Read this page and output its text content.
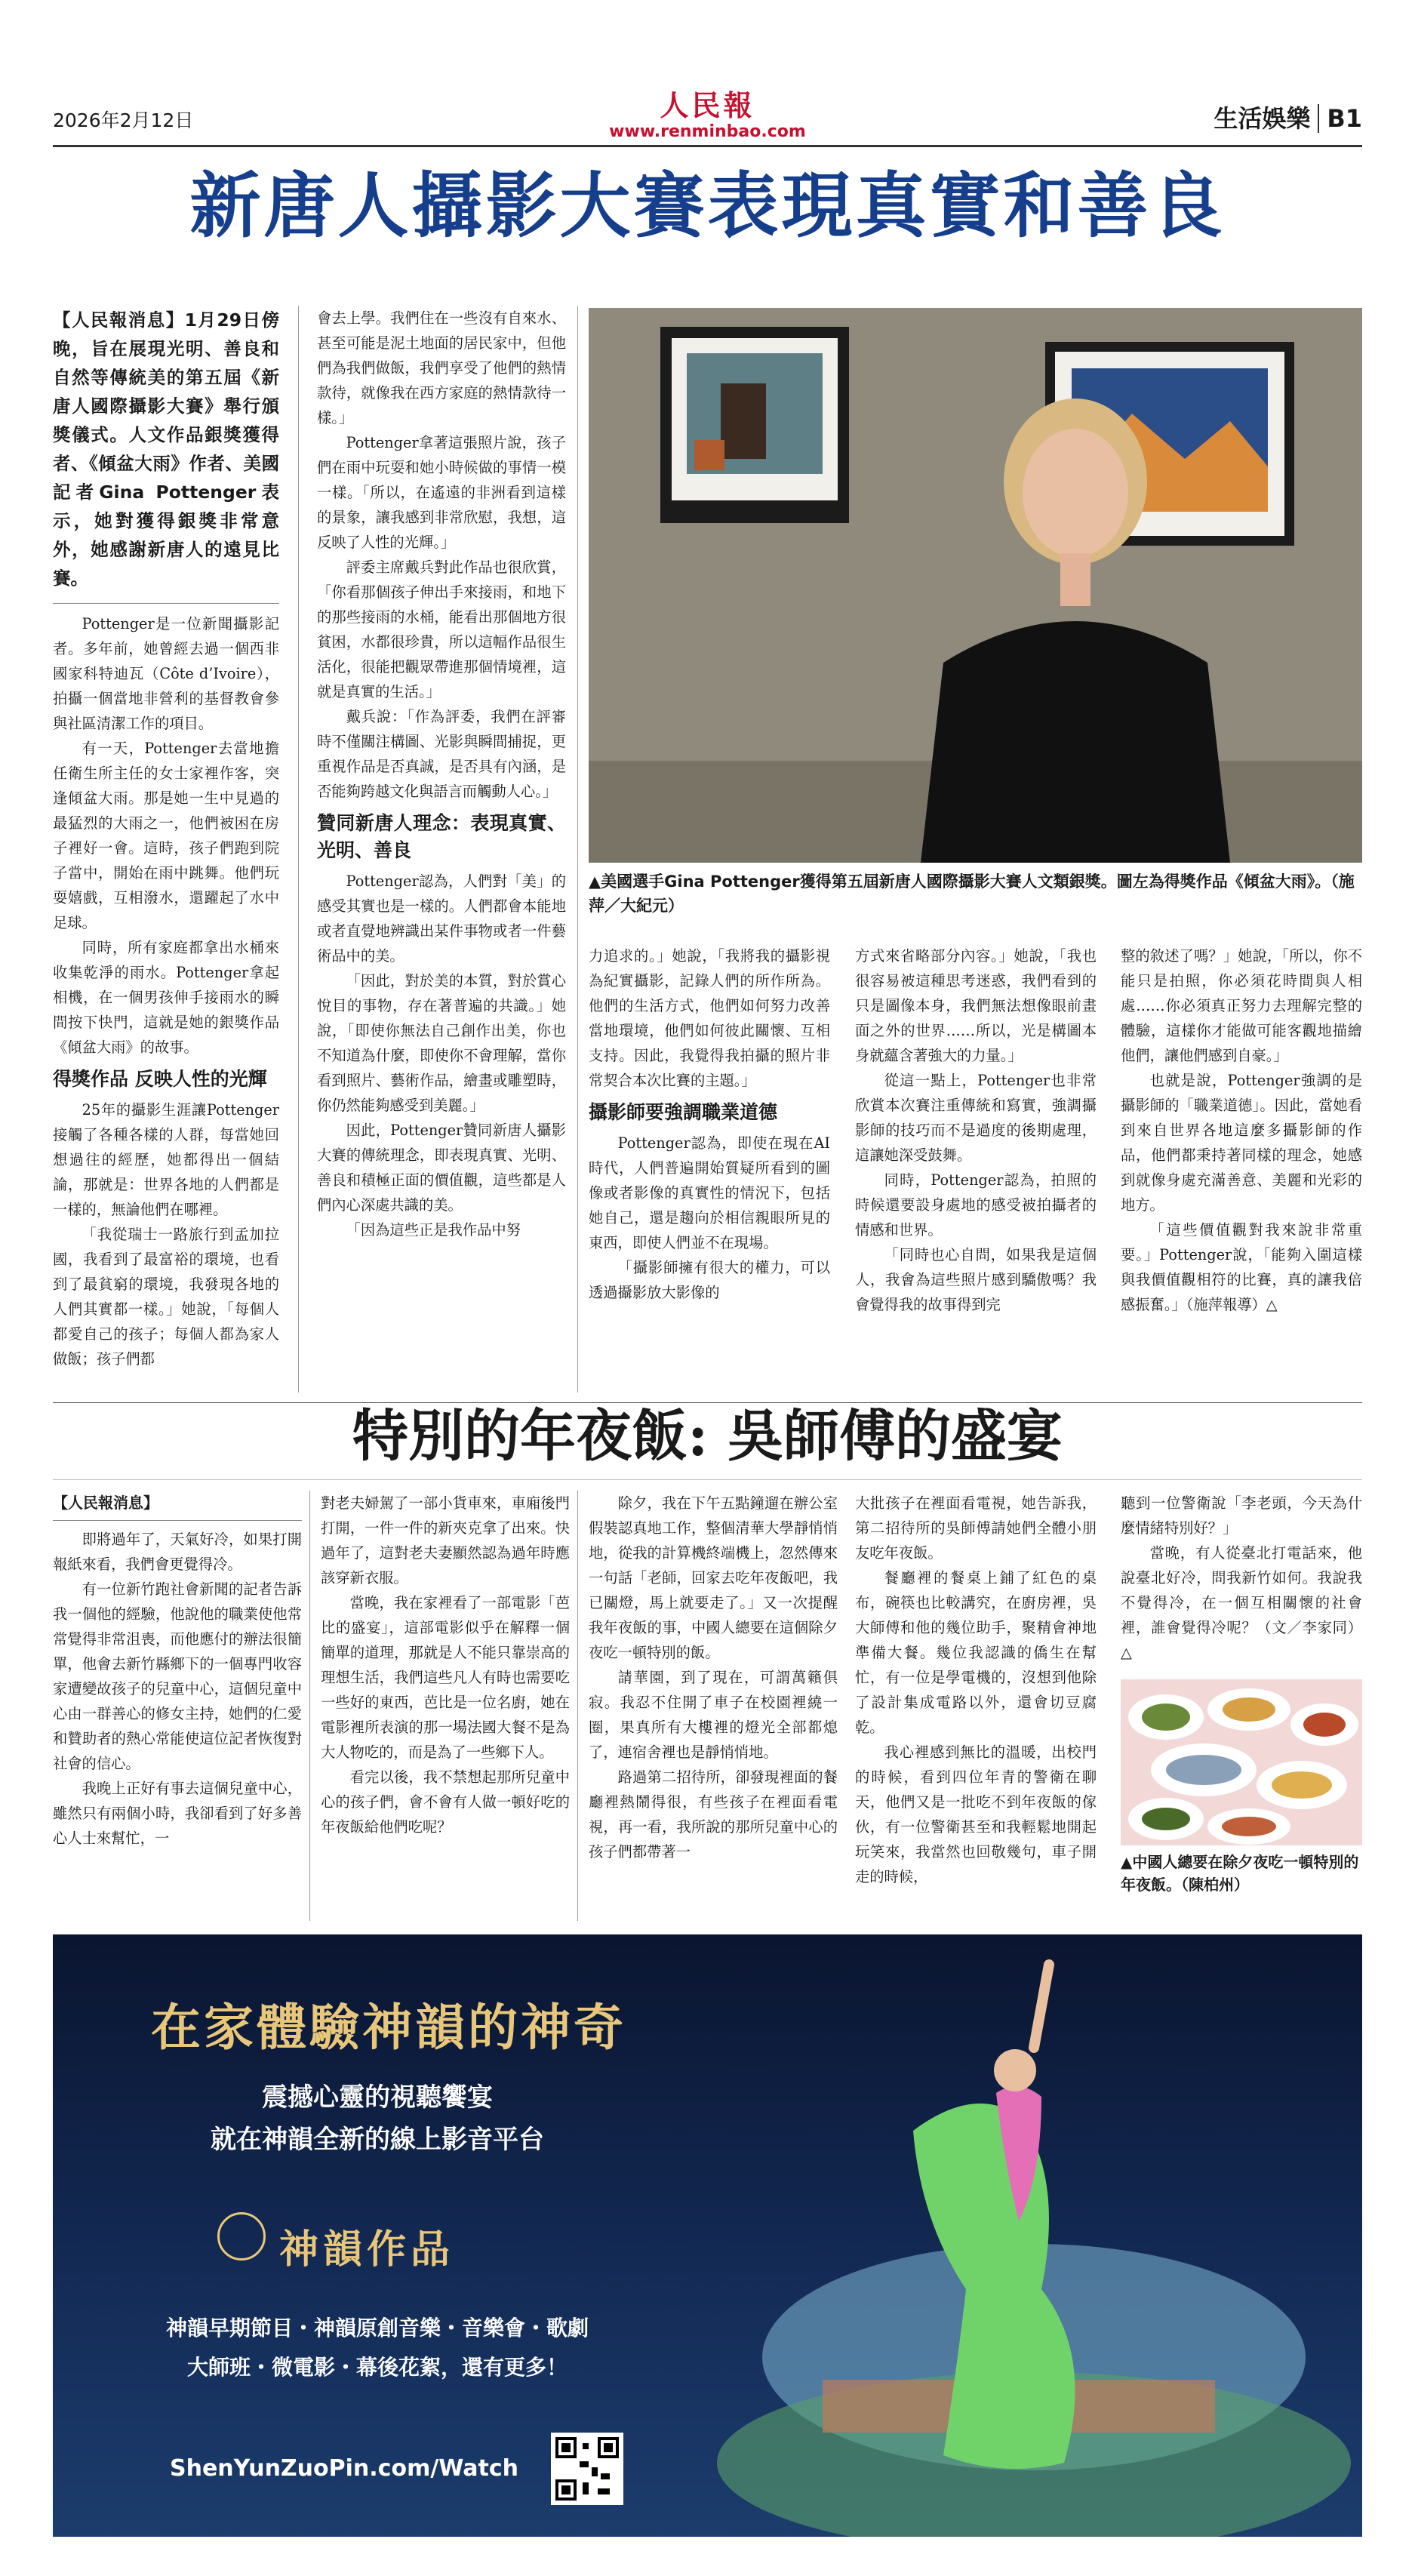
2026年2月12日	人民報
www.renminbao.com	生活娛樂 B1
新唐人攝影大賽表現真實和善良
【人民報消息】1月29日傍晚，旨在展現光明、善良和自然等傳統美的第五屆《新唐人國際攝影大賽》舉行頒獎儀式。人文作品銀獎獲得者、《傾盆大雨》作者、美國記者Gina Pottenger表示，她對獲得銀獎非常意外，她感謝新唐人的遠見比賽。

Pottenger是一位新聞攝影記者。多年前，她曾經去過一個西非國家科特迪瓦（Côte d’Ivoire），拍攝一個當地非營利的基督教會參與社區清潔工作的項目。

有一天，Pottenger去當地擔任衛生所主任的女士家裡作客，突逢傾盆大雨。那是她一生中見過的最猛烈的大雨之一，他們被困在房子裡好一會。這時，孩子們跑到院子當中，開始在雨中跳舞。他們玩耍嬉戲，互相潑水，還躍起了水中足球。

同時，所有家庭都拿出水桶來收集乾淨的雨水。Pottenger拿起相機，在一個男孩伸手接雨水的瞬間按下快門，這就是她的銀獎作品《傾盆大雨》的故事。

得獎作品 反映人性的光輝

25年的攝影生涯讓Pottenger接觸了各種各樣的人群，每當她回想過往的經歷，她都得出一個結論，那就是：世界各地的人們都是一樣的，無論他們在哪裡。

「我從瑞士一路旅行到孟加拉國，我看到了最富裕的環境，也看到了最貧窮的環境，我發現各地的人們其實都一樣。」她說，「每個人都愛自己的孩子；每個人都為家人做飯；孩子們都

會去上學。我們住在一些沒有自來水、甚至可能是泥土地面的居民家中，但他們為我們做飯，我們享受了他們的熱情款待，就像我在西方家庭的熱情款待一樣。」

Pottenger拿著這張照片說，孩子們在雨中玩耍和她小時候做的事情一模一樣。「所以，在遙遠的非洲看到這樣的景象，讓我感到非常欣慰，我想，這反映了人性的光輝。」

評委主席戴兵對此作品也很欣賞，「你看那個孩子伸出手來接雨，和地下的那些接雨的水桶，能看出那個地方很貧困，水都很珍貴，所以這幅作品很生活化，很能把觀眾帶進那個情境裡，這就是真實的生活。」

戴兵說：「作為評委，我們在評審時不僅關注構圖、光影與瞬間捕捉，更重視作品是否真誠，是否具有內涵，是否能夠跨越文化與語言而觸動人心。」

贊同新唐人理念：表現真實、光明、善良

Pottenger認為，人們對「美」的感受其實也是一樣的。人們都會本能地或者直覺地辨識出某件事物或者一件藝術品中的美。

「因此，對於美的本質，對於賞心悅目的事物，存在著普遍的共識。」她說，「即使你無法自己創作出美，你也不知道為什麼，即使你不會理解，當你看到照片、藝術作品，繪畫或雕塑時，你仍然能夠感受到美麗。」

因此，Pottenger贊同新唐人攝影大賽的傳統理念，即表現真實、光明、善良和積極正面的價值觀，這些都是人們內心深處共識的美。

「因為這些正是我作品中努

▲美國選手Gina Pottenger獲得第五屆新唐人國際攝影大賽人文類銀獎。圖左為得獎作品《傾盆大雨》。（施萍／大紀元）

力追求的。」她說，「我將我的攝影視為紀實攝影，記錄人們的所作所為。他們的生活方式，他們如何努力改善當地環境，他們如何彼此關懷、互相支持。因此，我覺得我拍攝的照片非常契合本次比賽的主題。」

攝影師要強調職業道德

Pottenger認為，即使在現在AI時代，人們普遍開始質疑所看到的圖像或者影像的真實性的情況下，包括她自己，還是趨向於相信親眼所見的東西，即使人們並不在現場。

「攝影師擁有很大的權力，可以透過攝影放大影像的

方式來省略部分內容。」她說，「我也很容易被這種思考迷惑，我們看到的只是圖像本身，我們無法想像眼前畫面之外的世界……所以，光是構圖本身就蘊含著強大的力量。」

從這一點上，Pottenger也非常欣賞本次賽注重傳統和寫實，強調攝影師的技巧而不是過度的後期處理，這讓她深受鼓舞。

同時，Pottenger認為，拍照的時候還要設身處地的感受被拍攝者的情感和世界。

「同時也心自問，如果我是這個人，我會為這些照片感到驕傲嗎？我會覺得我的故事得到完

整的敘述了嗎？」她說，「所以，你不能只是拍照，你必須花時間與人相處……你必須真正努力去理解完整的體驗，這樣你才能做可能客觀地描繪他們，讓他們感到自豪。」

也就是說，Pottenger強調的是攝影師的「職業道德」。因此，當她看到來自世界各地這麼多攝影師的作品，他們都秉持著同樣的理念，她感到就像身處充滿善意、美麗和光彩的地方。

「這些價值觀對我來說非常重要。」Pottenger說，「能夠入圍這樣與我價值觀相符的比賽，真的讓我倍感振奮。」（施萍報導）△

特別的年夜飯: 吳師傅的盛宴
【人民報消息】

即將過年了，天氣好冷，如果打開報紙來看，我們會更覺得冷。

有一位新竹跑社會新聞的記者告訴我一個他的經驗，他說他的職業使他常常覺得非常沮喪，而他應付的辦法很簡單，他會去新竹縣鄉下的一個專門收容家遭變故孩子的兒童中心，這個兒童中心由一群善心的修女主持，她們的仁愛和贊助者的熱心常能使這位記者恢復對社會的信心。

我晚上正好有事去這個兒童中心，雖然只有兩個小時，我卻看到了好多善心人士來幫忙，一

對老夫婦駕了一部小貨車來，車廂後門打開，一件一件的新夾克拿了出來。快過年了，這對老夫妻顯然認為過年時應該穿新衣服。

當晚，我在家裡看了一部電影「芭比的盛宴」，這部電影似乎在解釋一個簡單的道理，那就是人不能只靠崇高的理想生活，我們這些凡人有時也需要吃一些好的東西，芭比是一位名廚，她在電影裡所表演的那一場法國大餐不是為大人物吃的，而是為了一些鄉下人。

看完以後，我不禁想起那所兒童中心的孩子們，會不會有人做一頓好吃的年夜飯給他們吃呢？

除夕，我在下午五點鐘遛在辦公室假裝認真地工作，整個清華大學靜悄悄地，從我的計算機終端機上，忽然傳來一句話「老師，回家去吃年夜飯吧，我已關燈，馬上就要走了。」又一次提醒我年夜飯的事，中國人總要在這個除夕夜吃一頓特別的飯。

請華園，到了現在，可謂萬籟俱寂。我忍不住開了車子在校園裡繞一圈，果真所有大樓裡的燈光全部都熄了，連宿舍裡也是靜悄悄地。

路過第二招待所，卻發現裡面的餐廳裡熱鬧得很，有些孩子在裡面看電視，再一看，我所說的那所兒童中心的孩子們都帶著一

大批孩子在裡面看電視，她告訴我，第二招待所的吳師傅請她們全體小朋友吃年夜飯。

餐廳裡的餐桌上鋪了紅色的桌布，碗筷也比較講究，在廚房裡，吳大師傅和他的幾位助手，聚精會神地準備大餐。幾位我認識的僑生在幫忙，有一位是學電機的，沒想到他除了設計集成電路以外，還會切豆腐乾。

我心裡感到無比的溫暖，出校門的時候，看到四位年青的警衛在聊天，他們又是一批吃不到年夜飯的傢伙，有一位警衛甚至和我輕鬆地開起玩笑來，我當然也回敬幾句，車子開走的時候，

聽到一位警衛說「李老頭，今天為什麼情緒特別好？」

當晚，有人從臺北打電話來，他說臺北好冷，問我新竹如何。我說我不覺得冷，在一個互相關懷的社會裡，誰會覺得冷呢？（文／李家同）△

▲中國人總要在除夕夜吃一頓特別的年夜飯。（陳柏州）
在家體驗神韻的神奇
震撼心靈的視聽饗宴
就在神韻全新的線上影音平台
神韻作品
神韻早期節目・神韻原創音樂・音樂會・歌劇
大師班・微電影・幕後花絮，還有更多！
ShenYunZuoPin.com/Watch
